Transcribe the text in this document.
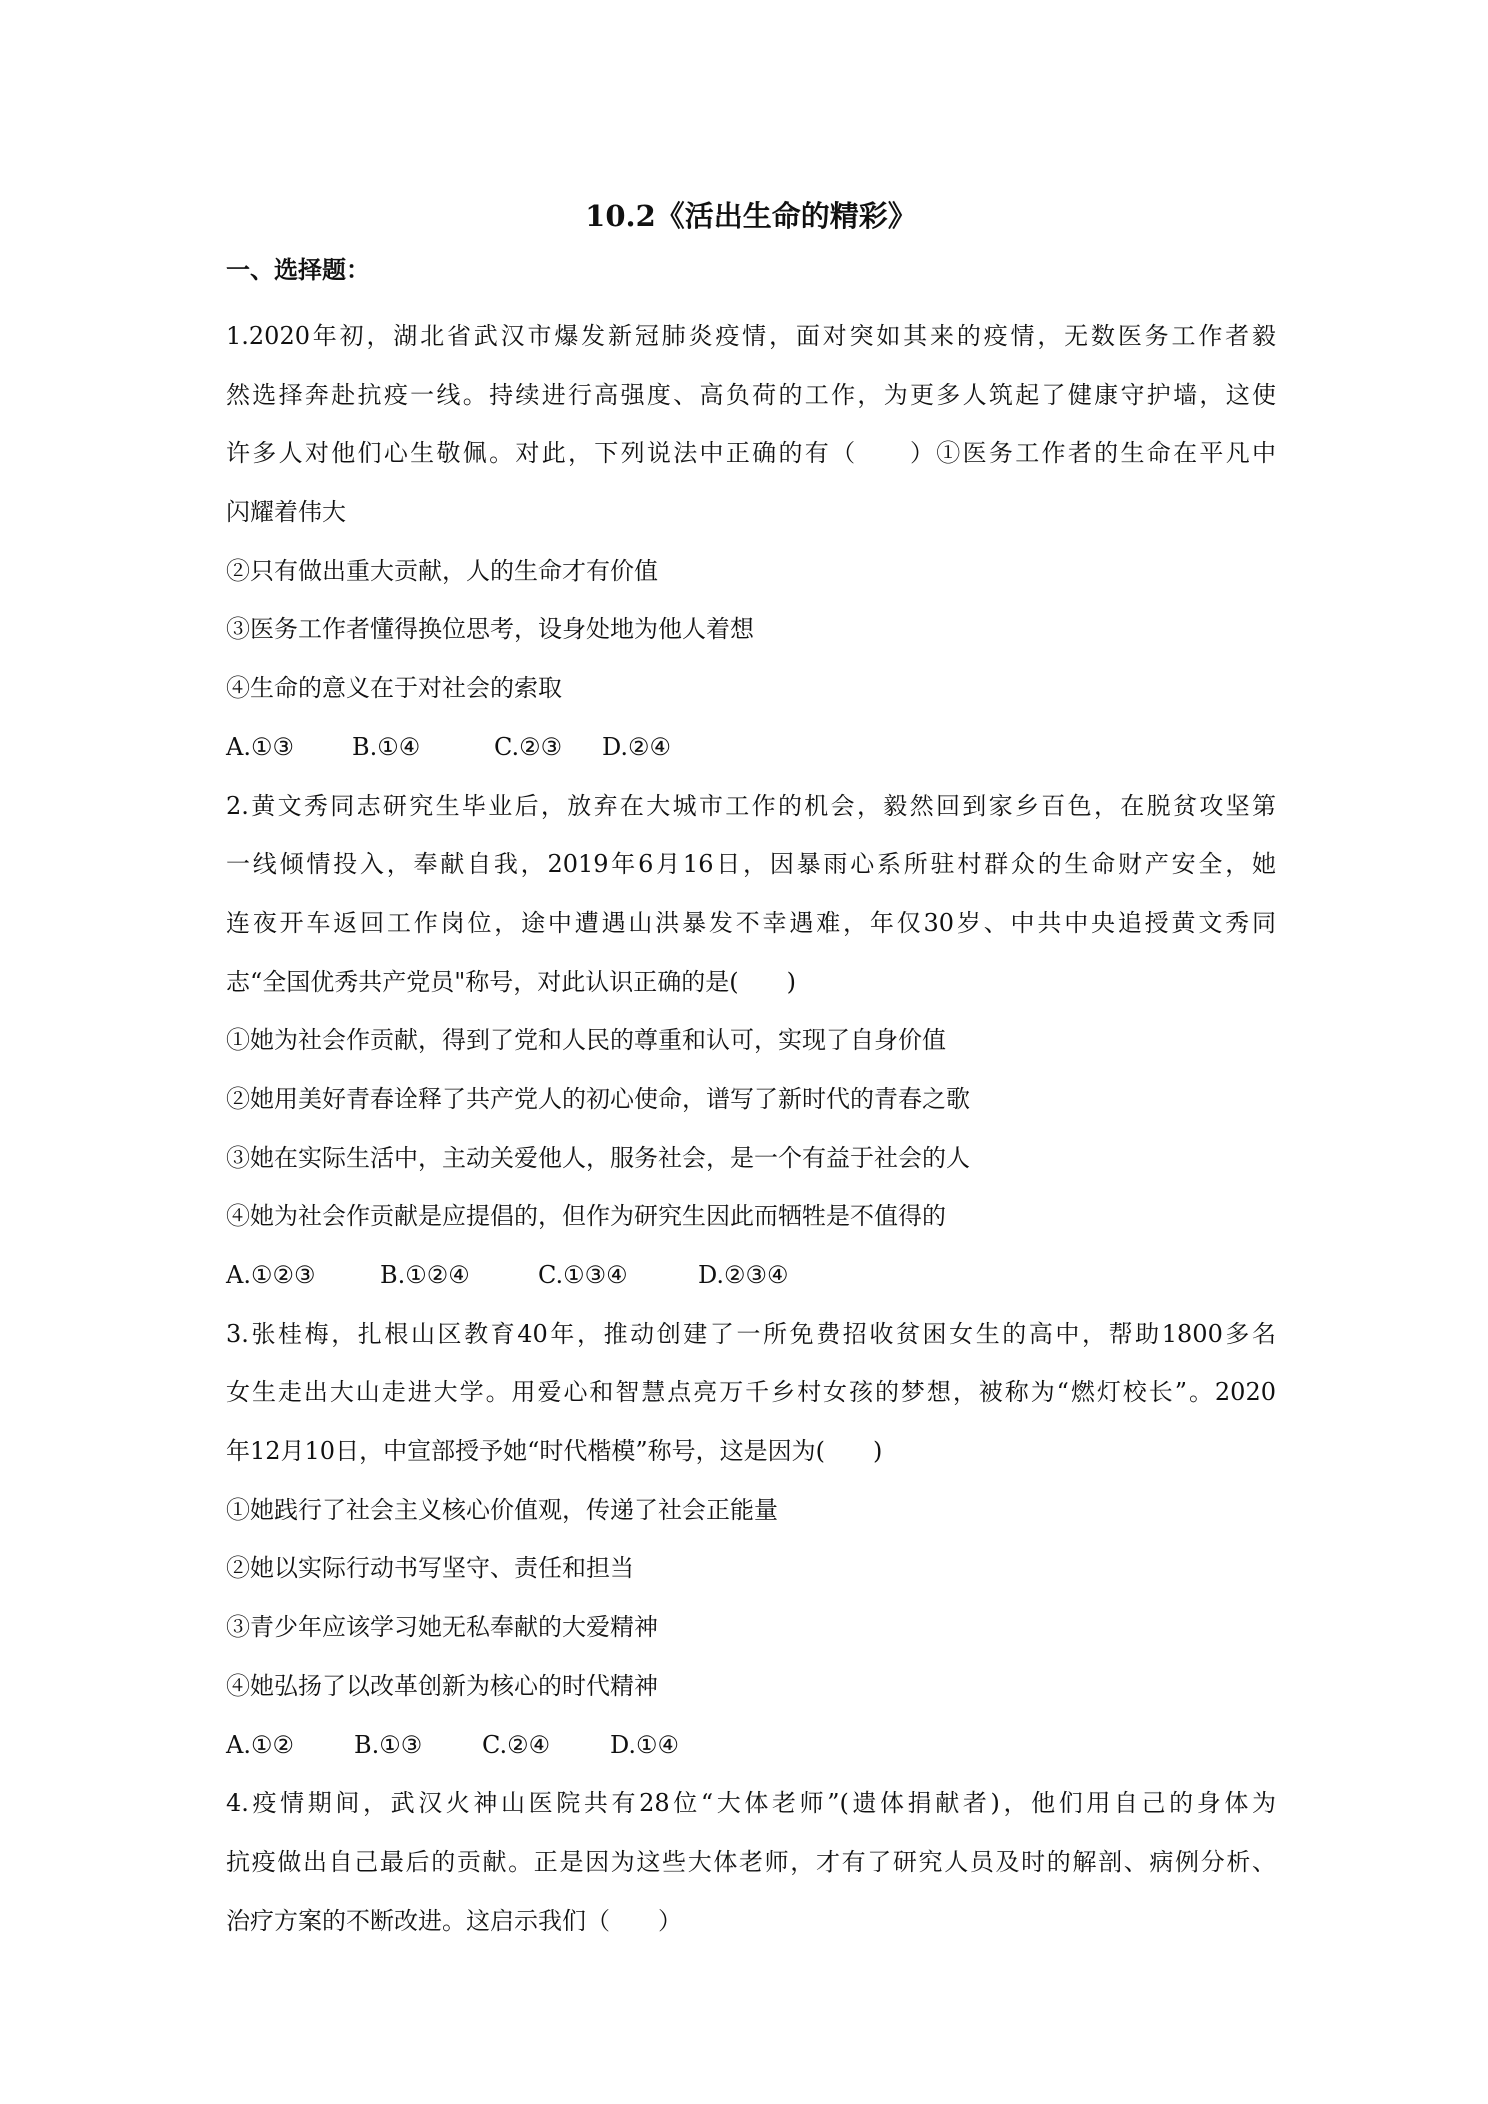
10.2《活出生命的精彩》
一、选择题：
1.2020年初，湖北省武汉市爆发新冠肺炎疫情，面对突如其来的疫情，无数医务工作者毅
然选择奔赴抗疫一线。持续进行高强度、高负荷的工作，为更多人筑起了健康守护墙，这使
许多人对他们心生敬佩。对此，下列说法中正确的有（　　）①医务工作者的生命在平凡中
闪耀着伟大
②只有做出重大贡献，人的生命才有价值
③医务工作者懂得换位思考，设身处地为他人着想
④生命的意义在于对社会的索取
A.①③ B.①④	C.②③ D.②④
2.黄文秀同志研究生毕业后，放弃在大城市工作的机会，毅然回到家乡百色，在脱贫攻坚第
一线倾情投入，奉献自我，2019年6月16日，因暴雨心系所驻村群众的生命财产安全，她
连夜开车返回工作岗位，途中遭遇山洪暴发不幸遇难，年仅30岁、中共中央追授黄文秀同
志“全国优秀共产党员"称号，对此认识正确的是(　　)
①她为社会作贡献，得到了党和人民的尊重和认可，实现了自身价值
②她用美好青春诠释了共产党人的初心使命，谱写了新时代的青春之歌
③她在实际生活中，主动关爱他人，服务社会，是一个有益于社会的人
④她为社会作贡献是应提倡的，但作为研究生因此而牺牲是不值得的
A.①②③	B.①②④	C.①③④	D.②③④
3.张桂梅，扎根山区教育40年，推动创建了一所免费招收贫困女生的高中，帮助1800多名
女生走出大山走进大学。用爱心和智慧点亮万千乡村女孩的梦想，被称为“燃灯校长”。2020
年12月10日，中宣部授予她“时代楷模”称号，这是因为(　　)
①她践行了社会主义核心价值观，传递了社会正能量
②她以实际行动书写坚守、责任和担当
③青少年应该学习她无私奉献的大爱精神
④她弘扬了以改革创新为核心的时代精神
A.①②	B.①③ C.②④ D.①④
4.疫情期间，武汉火神山医院共有28位“大体老师”(遗体捐献者)，他们用自己的身体为
抗疫做出自己最后的贡献。正是因为这些大体老师，才有了研究人员及时的解剖、病例分析、
治疗方案的不断改进。这启示我们（　　）
